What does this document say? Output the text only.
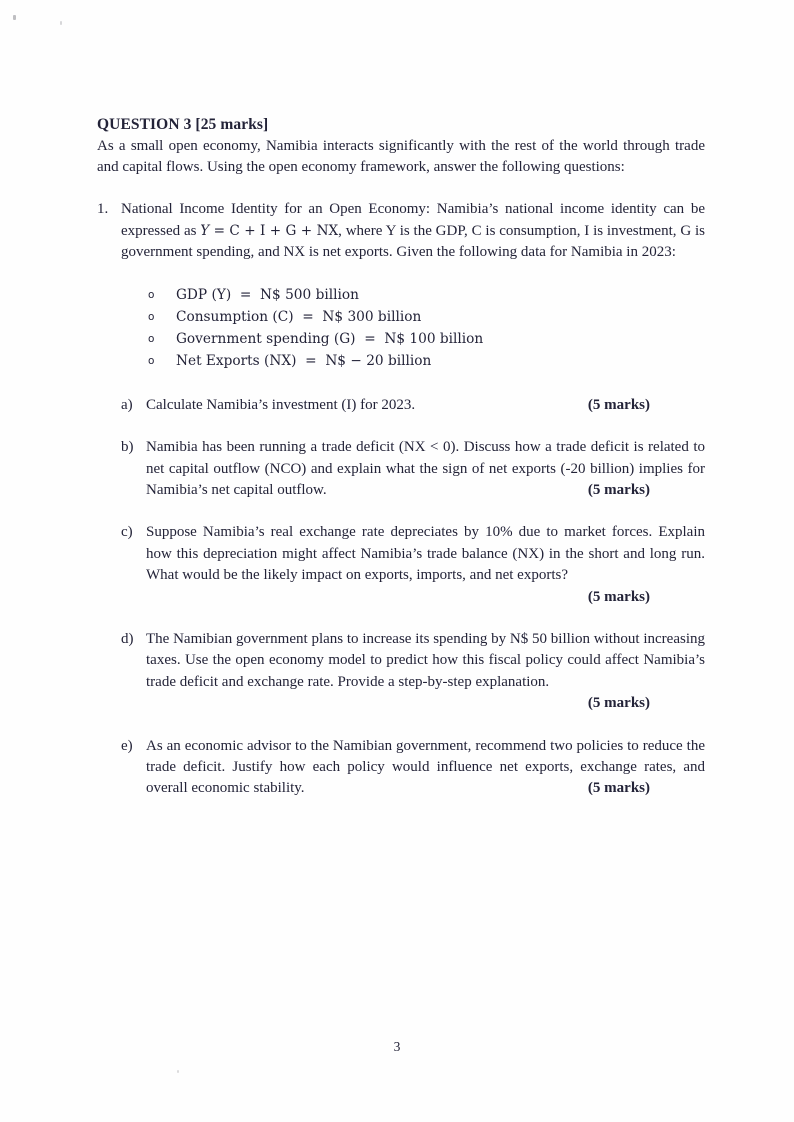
QUESTION 3 [25 marks]

As a small open economy, Namibia interacts significantly with the rest of the world through trade and capital flows. Using the open economy framework, answer the following questions:

1. National Income Identity for an Open Economy: Namibia’s national income identity can be expressed as Y = C + I + G + NX, where Y is the GDP, C is consumption, I is investment, G is government spending, and NX is net exports. Given the following data for Namibia in 2023:

o GDP (Y)  =  N$ 500 billion
o Consumption (C)  =  N$ 300 billion
o Government spending (G)  =  N$ 100 billion
o Net Exports (NX)  =  N$ − 20 billion
a) Calculate Namibia’s investment (I) for 2023.	(5 marks)

b) Namibia has been running a trade deficit (NX < 0). Discuss how a trade deficit is related to net capital outflow (NCO) and explain what the sign of net exports (-20 billion) implies for Namibia’s net capital outflow.	(5 marks)

c) Suppose Namibia’s real exchange rate depreciates by 10% due to market forces. Explain how this depreciation might affect Namibia’s trade balance (NX) in the short and long run. What would be the likely impact on exports, imports, and net exports?

(5 marks)
d) The Namibian government plans to increase its spending by N$ 50 billion without increasing taxes. Use the open economy model to predict how this fiscal policy could affect Namibia’s trade deficit and exchange rate. Provide a step-by-step explanation.

(5 marks)
e) As an economic advisor to the Namibian government, recommend two policies to reduce the trade deficit. Justify how each policy would influence net exports, exchange rates, and overall economic stability.	(5 marks)

3
